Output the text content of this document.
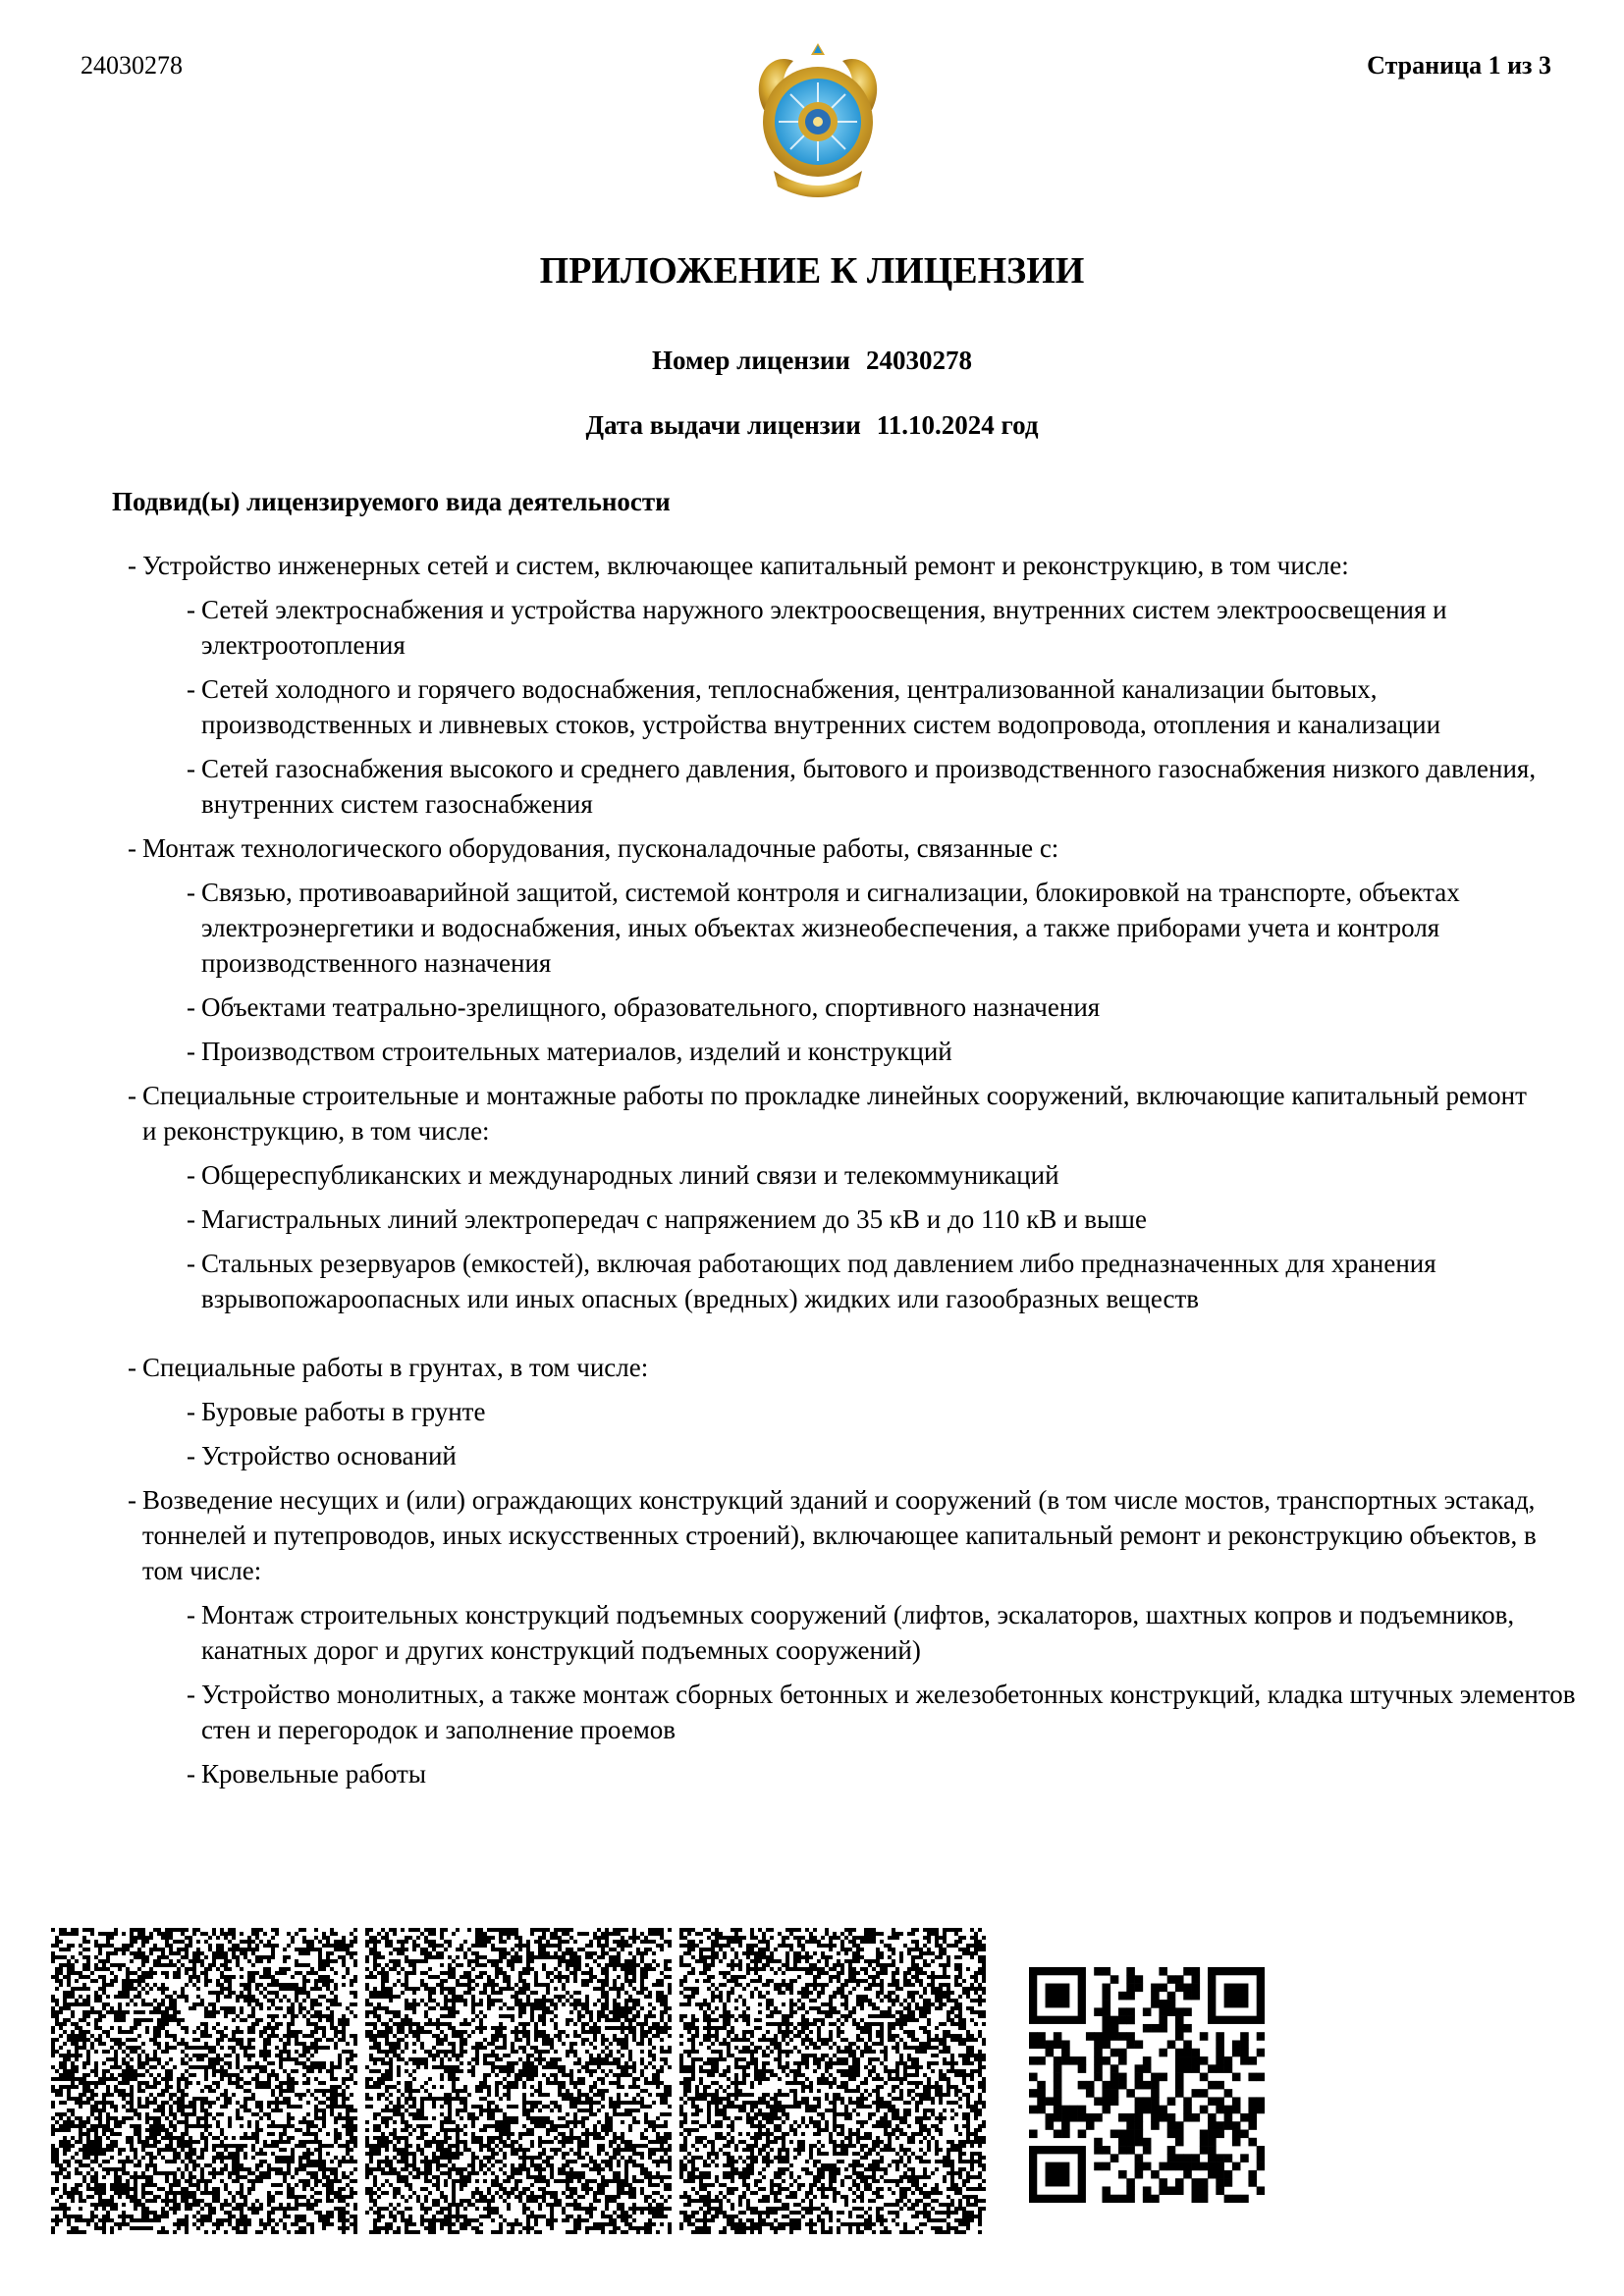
24030278	Страница 1 из 3
ПРИЛОЖЕНИЕ К ЛИЦЕНЗИИ
Номер лицензии 24030278
Дата выдачи лицензии 11.10.2024 год
Подвид(ы) лицензируемого вида деятельности
- Устройство инженерных сетей и систем, включающее капитальный ремонт и реконструкцию, в том числе:
- Сетей электроснабжения и устройства наружного электроосвещения, внутренних систем электроосвещения и электроотопления
- Сетей холодного и горячего водоснабжения, теплоснабжения, централизованной канализации бытовых, производственных и ливневых стоков, устройства внутренних систем водопровода, отопления и канализации
- Сетей газоснабжения высокого и среднего давления, бытового и производственного газоснабжения низкого давления, внутренних систем газоснабжения
- Монтаж технологического оборудования, пусконаладочные работы, связанные с:
- Связью, противоаварийной защитой, системой контроля и сигнализации, блокировкой на транспорте, объектах электроэнергетики и водоснабжения, иных объектах жизнеобеспечения, а также приборами учета и контроля производственного назначения
- Объектами театрально-зрелищного, образовательного, спортивного назначения
- Производством строительных материалов, изделий и конструкций
- Специальные строительные и монтажные работы по прокладке линейных сооружений, включающие капитальный ремонт и реконструкцию, в том числе:
- Общереспубликанских и международных линий связи и телекоммуникаций
- Магистральных линий электропередач с напряжением до 35 кВ и до 110 кВ и выше
- Стальных резервуаров (емкостей), включая работающих под давлением либо предназначенных для хранения взрывопожароопасных или иных опасных (вредных) жидких или газообразных веществ
- Специальные работы в грунтах, в том числе:
- Буровые работы в грунте
- Устройство оснований
- Возведение несущих и (или) ограждающих конструкций зданий и сооружений (в том числе мостов, транспортных эстакад, тоннелей и путепроводов, иных искусственных строений), включающее капитальный ремонт и реконструкцию объектов, в том числе:
- Монтаж строительных конструкций подъемных сооружений (лифтов, эскалаторов, шахтных копров и подъемников, канатных дорог и других конструкций подъемных сооружений)
- Устройство монолитных, а также монтаж сборных бетонных и железобетонных конструкций, кладка штучных элементов стен и перегородок и заполнение проемов
- Кровельные работы
